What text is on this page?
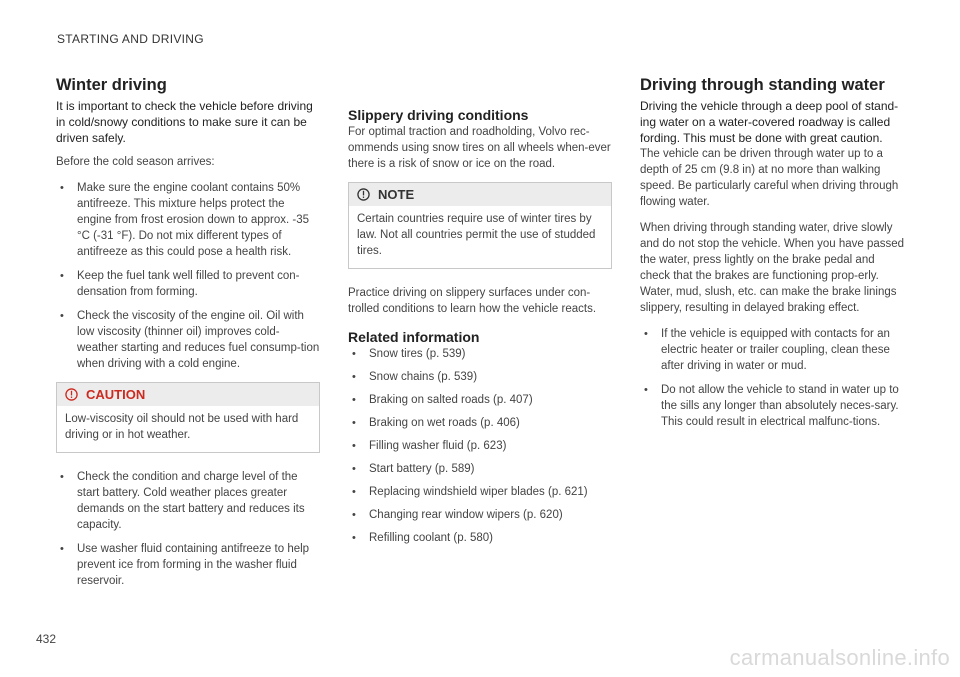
STARTING AND DRIVING
Winter driving
It is important to check the vehicle before driving in cold/snowy conditions to make sure it can be driven safely.

Before the cold season arrives:

• Make sure the engine coolant contains 50% antifreeze. This mixture helps protect the engine from frost erosion down to approx. -35 °C (-31 °F). Do not mix different types of antifreeze as this could pose a health risk.
• Keep the fuel tank well filled to prevent con-densation from forming.
• Check the viscosity of the engine oil. Oil with low viscosity (thinner oil) improves cold-weather starting and reduces fuel consump-tion when driving with a cold engine.
CAUTION
Low-viscosity oil should not be used with hard driving or in hot weather.
• Check the condition and charge level of the start battery. Cold weather places greater demands on the start battery and reduces its capacity.
• Use washer fluid containing antifreeze to help prevent ice from forming in the washer fluid reservoir.
Slippery driving conditions

For optimal traction and roadholding, Volvo rec-ommends using snow tires on all wheels when-ever there is a risk of snow or ice on the road.

NOTE
Certain countries require use of winter tires by law. Not all countries permit the use of studded tires.

Practice driving on slippery surfaces under con-trolled conditions to learn how the vehicle reacts.

Related information
• Snow tires (p. 539)
• Snow chains (p. 539)
• Braking on salted roads (p. 407)
• Braking on wet roads (p. 406)
• Filling washer fluid (p. 623)
• Start battery (p. 589)
• Replacing windshield wiper blades (p. 621)
• Changing rear window wipers (p. 620)
• Refilling coolant (p. 580)
Driving through standing water
Driving the vehicle through a deep pool of stand-ing water on a water-covered roadway is called fording. This must be done with great caution.

The vehicle can be driven through water up to a depth of 25 cm (9.8 in) at no more than walking speed. Be particularly careful when driving through flowing water.

When driving through standing water, drive slowly and do not stop the vehicle. When you have passed the water, press lightly on the brake pedal and check that the brakes are functioning prop-erly. Water, mud, slush, etc. can make the brake linings slippery, resulting in delayed braking effect.

• If the vehicle is equipped with contacts for an electric heater or trailer coupling, clean these after driving in water or mud.
• Do not allow the vehicle to stand in water up to the sills any longer than absolutely neces-sary. This could result in electrical malfunc-tions.
432
carmanualsonline.info
